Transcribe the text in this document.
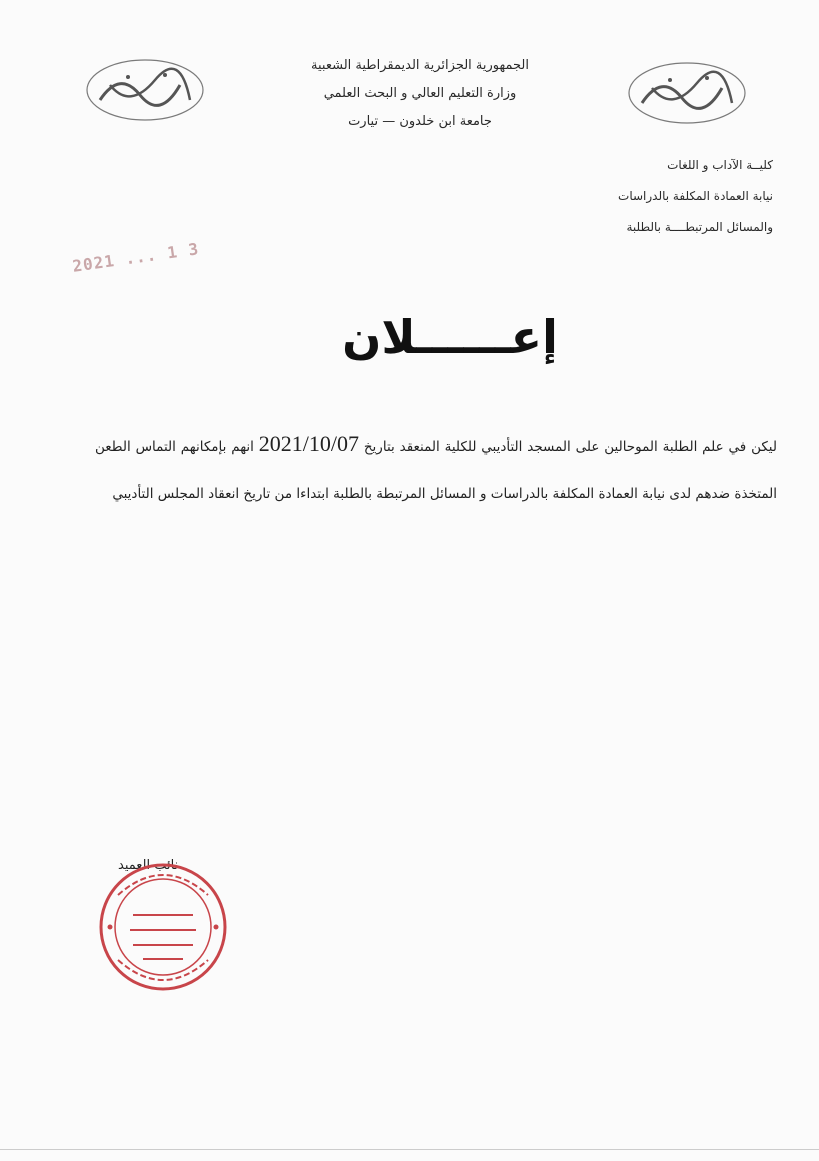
الجمهورية الجزائرية الديمقراطية الشعبية
وزارة التعليم العالي و البحث العلمي
جامعة ابن خلدون — تيارت
كليــة الآداب و اللغات
نيابة العمادة المكلفة بالدراسات
والمسائل المرتبطــــة بالطلبة
2021 ... 1 3
إعــــــلان
ليكن في علم الطلبة الموحالين على المسجد التأديبي للكلية المنعقد بتاريخ 2021/10/07 انهم بإمكانهم التماس الطعن المتخذة ضدهم لدى نيابة العمادة المكلفة بالدراسات و المسائل المرتبطة بالطلبة ابتداءا من تاريخ انعقاد المجلس التأديبي
نائب العميد
